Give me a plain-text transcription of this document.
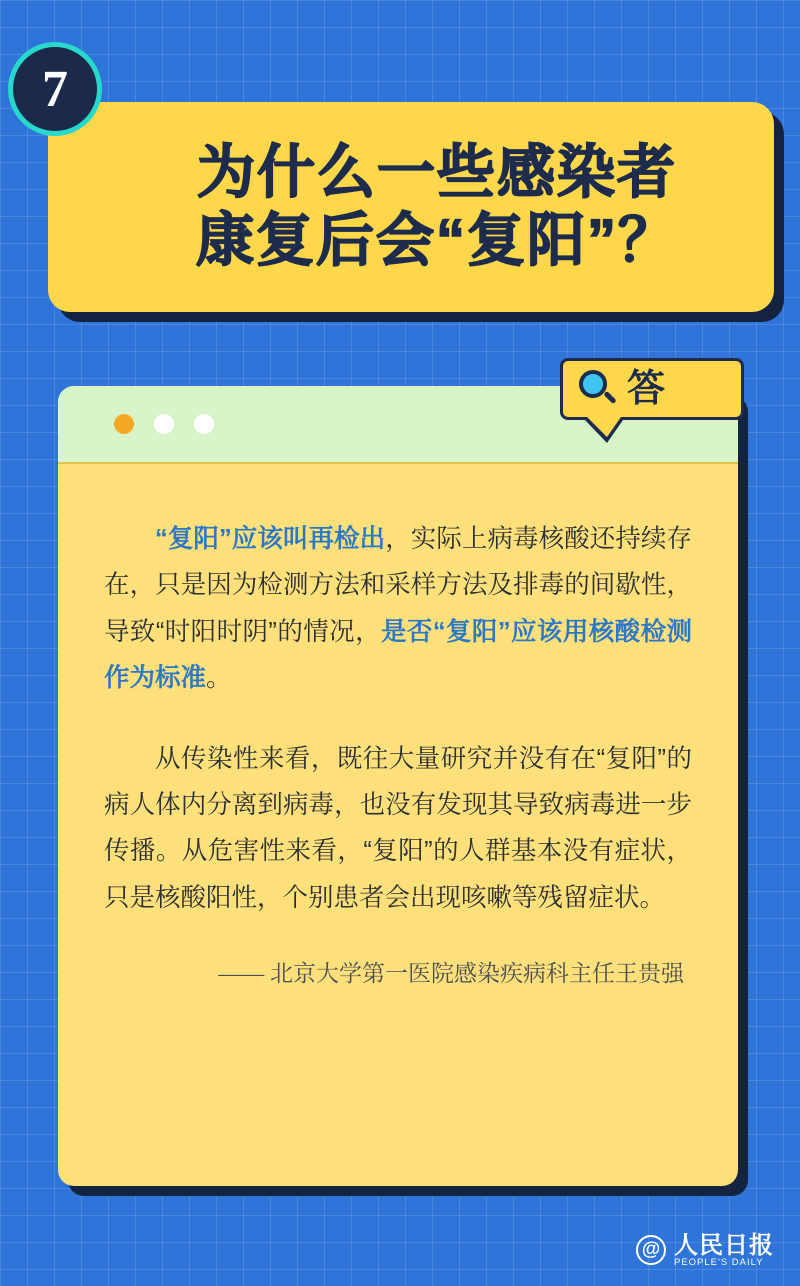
7
为什么一些感染者
康复后会“复阳”？
答

“复阳”应该叫再检出，实际上病毒核酸还持续存在，只是因为检测方法和采样方法及排毒的间歇性，导致“时阳时阴”的情况，是否“复阳”应该用核酸检测作为标准。

从传染性来看，既往大量研究并没有在“复阳”的病人体内分离到病毒，也没有发现其导致病毒进一步传播。从危害性来看，“复阳”的人群基本没有症状，只是核酸阳性，个别患者会出现咳嗽等残留症状。

—— 北京大学第一医院感染疾病科主任王贵强
@ 人民日报
PEOPLE'S DAILY
